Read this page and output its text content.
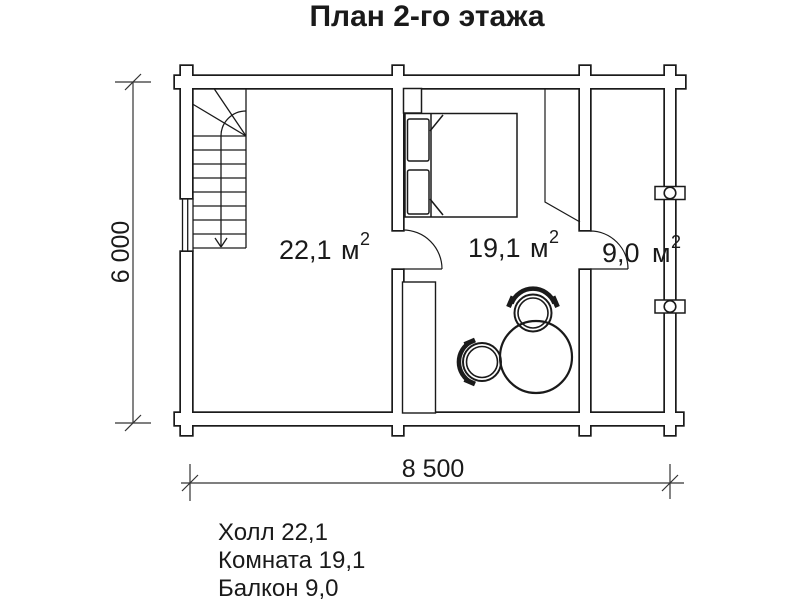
План 2-го этажа
22,1 м 2	19,1 м 2
9,0 м 2
6 000
8 500
Холл 22,1
Комната 19,1
Балкон 9,0
